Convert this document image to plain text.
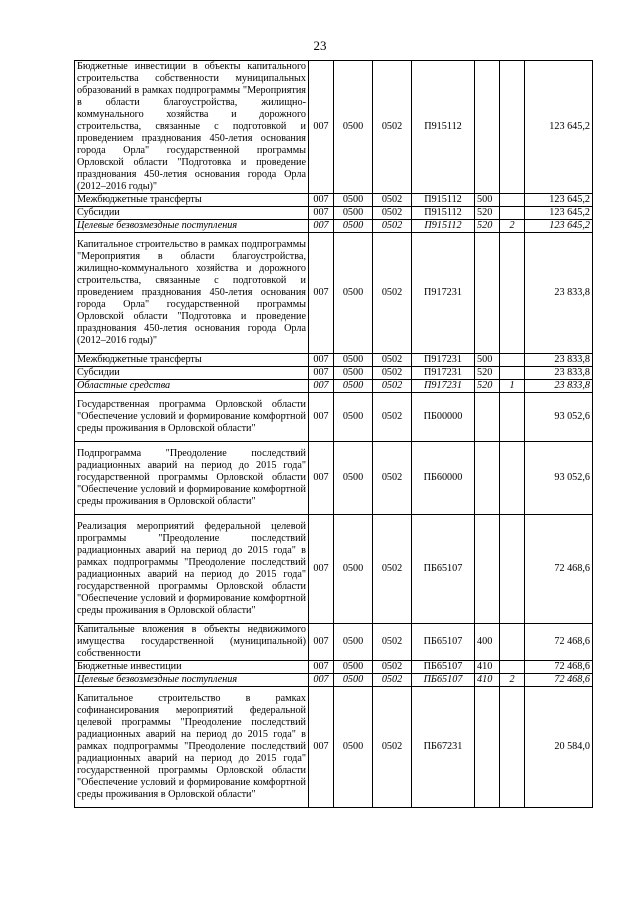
23
Бюджетные инвестиции в объекты капитального строительства собственности муниципальных образований в рамках подпрограммы "Мероприятия в области благоустройства, жилищно-коммунального хозяйства и дорожного строительства, связанные с подготовкой и проведением празднования 450-летия основания города Орла" государственной программы Орловской области "Подготовка и проведение празднования 450-летия основания города Орла (2012–2016 годы)"	007	0500	0502	П915112			123 645,2
Межбюджетные трансферты	007	0500	0502	П915112	500		123 645,2
Субсидии	007	0500	0502	П915112	520		123 645,2
Целевые безвозмездные поступления	007	0500	0502	П915112	520	2	123 645,2
Капитальное строительство в рамках подпрограммы "Мероприятия в области благоустройства, жилищно-коммунального хозяйства и дорожного строительства, связанные с подготовкой и проведением празднования 450-летия основания города Орла" государственной программы Орловской области "Подготовка и проведение празднования 450-летия основания города Орла (2012–2016 годы)"	007	0500	0502	П917231			23 833,8
Межбюджетные трансферты	007	0500	0502	П917231	500		23 833,8
Субсидии	007	0500	0502	П917231	520		23 833,8
Областные средства	007	0500	0502	П917231	520	1	23 833,8
Государственная программа Орловской области "Обеспечение условий и формирование комфортной среды проживания в Орловской области"	007	0500	0502	ПБ00000			93 052,6
Подпрограмма "Преодоление последствий радиационных аварий на период до 2015 года" государственной программы Орловской области "Обеспечение условий и формирование комфортной среды проживания в Орловской области"	007	0500	0502	ПБ60000			93 052,6
Реализация мероприятий федеральной целевой программы "Преодоление последствий радиационных аварий на период до 2015 года" в рамках подпрограммы "Преодоление последствий радиационных аварий на период до 2015 года" государственной программы Орловской области "Обеспечение условий и формирование комфортной среды проживания в Орловской области"	007	0500	0502	ПБ65107			72 468,6
Капитальные вложения в объекты недвижимого имущества государственной (муниципальной) собственности	007	0500	0502	ПБ65107	400		72 468,6
Бюджетные инвестиции	007	0500	0502	ПБ65107	410		72 468,6
Целевые безвозмездные поступления	007	0500	0502	ПБ65107	410	2	72 468,6
Капитальное строительство в рамках софинансирования мероприятий федеральной целевой программы "Преодоление последствий радиационных аварий на период до 2015 года" в рамках подпрограммы "Преодоление последствий радиационных аварий на период до 2015 года" государственной программы Орловской области "Обеспечение условий и формирование комфортной среды проживания в Орловской области"	007	0500	0502	ПБ67231			20 584,0
